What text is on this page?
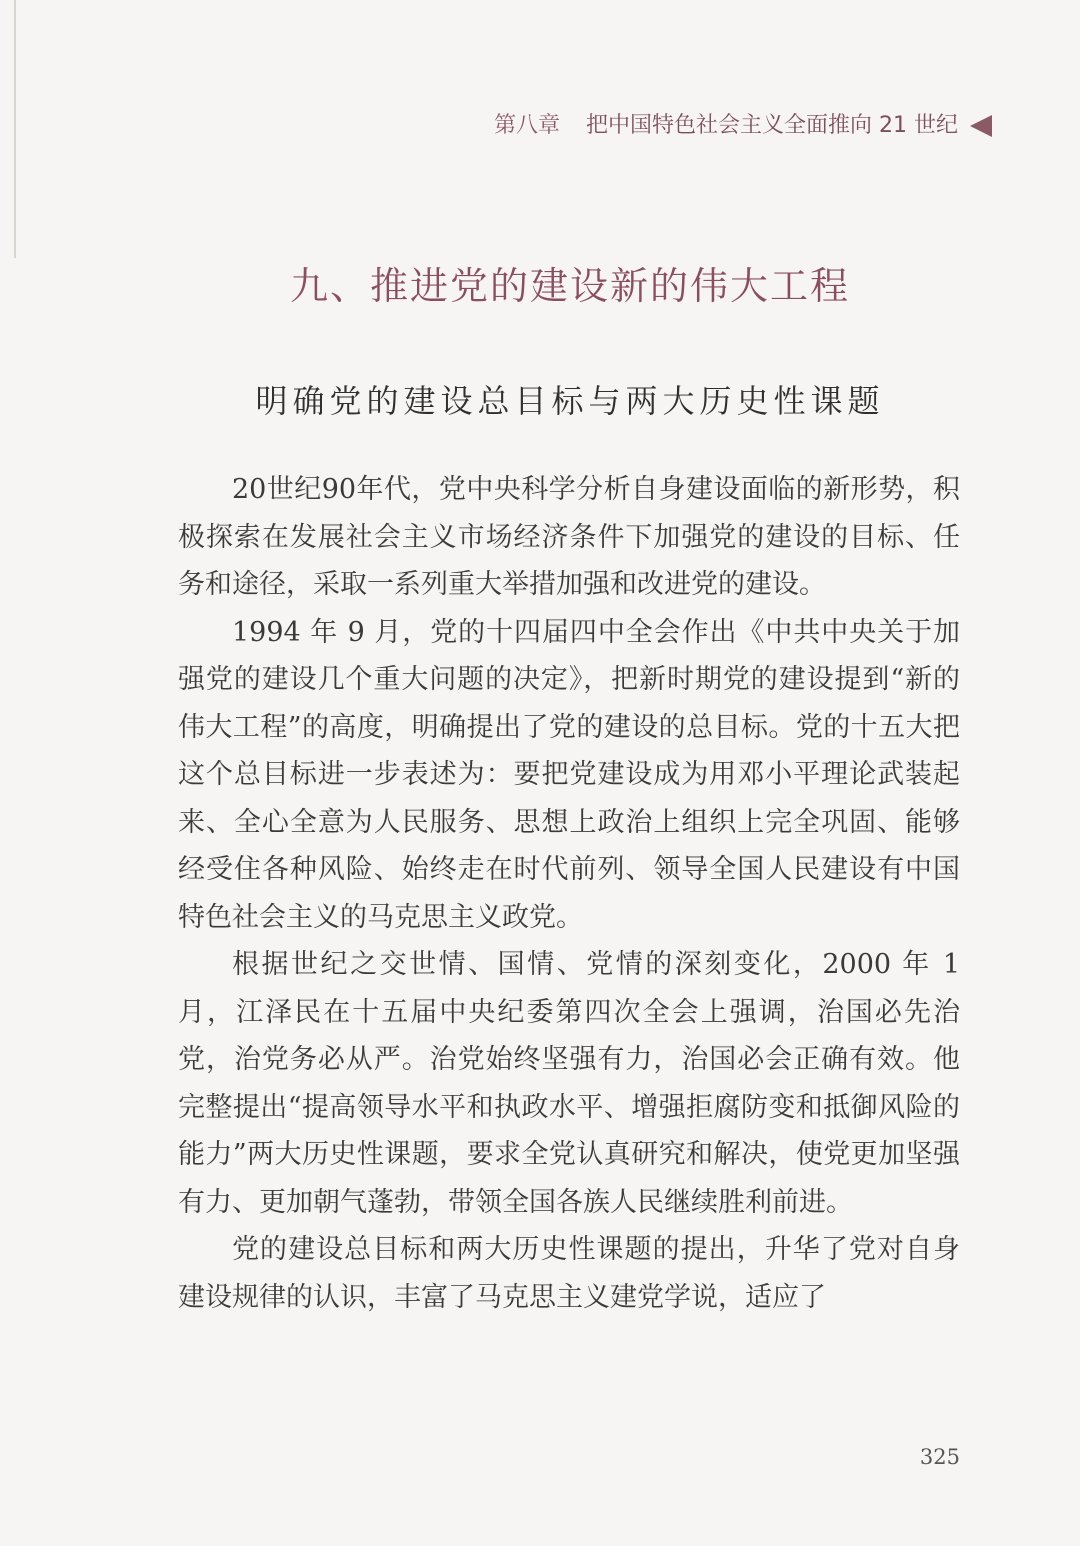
第八章 把中国特色社会主义全面推向 21 世纪
九、推进党的建设新的伟大工程
明确党的建设总目标与两大历史性课题

20世纪90年代，党中央科学分析自身建设面临的新形势，积极探索在发展社会主义市场经济条件下加强党的建设的目标、任务和途径，采取一系列重大举措加强和改进党的建设。

1994 年 9 月，党的十四届四中全会作出《中共中央关于加强党的建设几个重大问题的决定》，把新时期党的建设提到“新的伟大工程”的高度，明确提出了党的建设的总目标。党的十五大把这个总目标进一步表述为：要把党建设成为用邓小平理论武装起来、全心全意为人民服务、思想上政治上组织上完全巩固、能够经受住各种风险、始终走在时代前列、领导全国人民建设有中国特色社会主义的马克思主义政党。

根据世纪之交世情、国情、党情的深刻变化，2000 年 1 月，江泽民在十五届中央纪委第四次全会上强调，治国必先治党，治党务必从严。治党始终坚强有力，治国必会正确有效。他完整提出“提高领导水平和执政水平、增强拒腐防变和抵御风险的能力”两大历史性课题，要求全党认真研究和解决，使党更加坚强有力、更加朝气蓬勃，带领全国各族人民继续胜利前进。

党的建设总目标和两大历史性课题的提出，升华了党对自身建设规律的认识，丰富了马克思主义建党学说，适应了

325
